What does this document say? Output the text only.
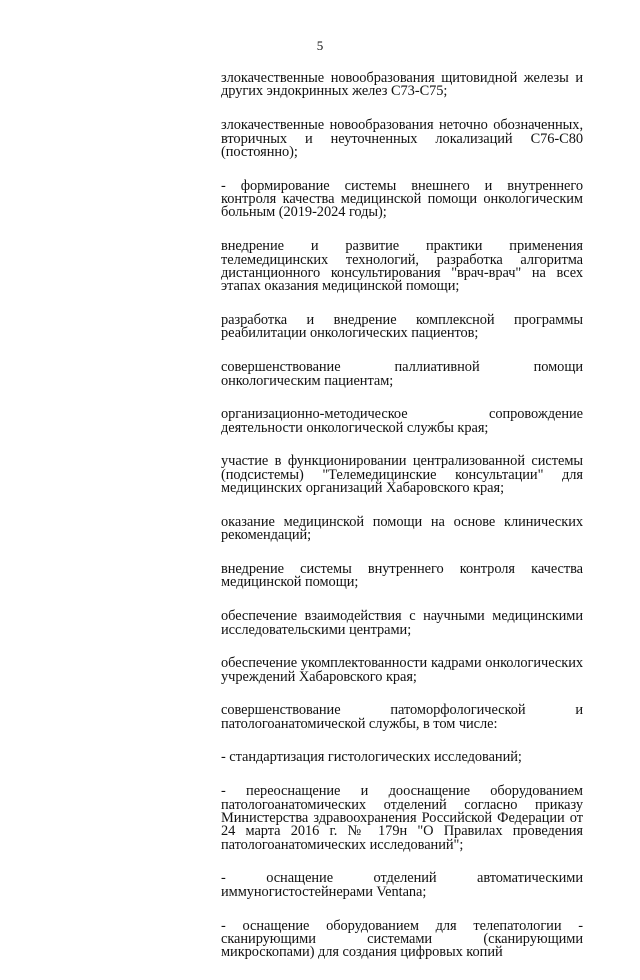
5

злокачественные новообразования щитовидной железы и других эндокринных желез С73-С75;

злокачественные новообразования неточно обозначенных, вторичных и неуточненных локализаций С76-С80 (постоянно);

- формирование системы внешнего и внутреннего контроля качества медицинской помощи онкологическим больным (2019-2024 годы);

внедрение и развитие практики применения телемедицинских технологий, разработка алгоритма дистанционного консультирования "врач-врач" на всех этапах оказания медицинской помощи;

разработка и внедрение комплексной программы реабилитации онкологических пациентов;

совершенствование паллиативной помощи онкологическим пациентам;

организационно-методическое сопровождение деятельности онкологической службы края;

участие в функционировании централизованной системы (подсистемы) "Телемедицинские консультации" для медицинских организаций Хабаровского края;

оказание медицинской помощи на основе клинических рекомендаций;

внедрение системы внутреннего контроля качества медицинской помощи;

обеспечение взаимодействия с научными медицинскими исследовательскими центрами;

обеспечение укомплектованности кадрами онкологических учреждений Хабаровского края;

совершенствование патоморфологической и патологоанатомической службы, в том числе:

- стандартизация гистологических исследований;

- переоснащение и дооснащение оборудованием патологоанатомических отделений согласно приказу Министерства здравоохранения Российской Федерации от 24 марта 2016 г. № 179н "О Правилах проведения патологоанатомических исследований";

- оснащение отделений автоматическими иммуногистостейнерами Ventana;

- оснащение оборудованием для телепатологии - сканирующими системами (сканирующими микроскопами) для создания цифровых копий
